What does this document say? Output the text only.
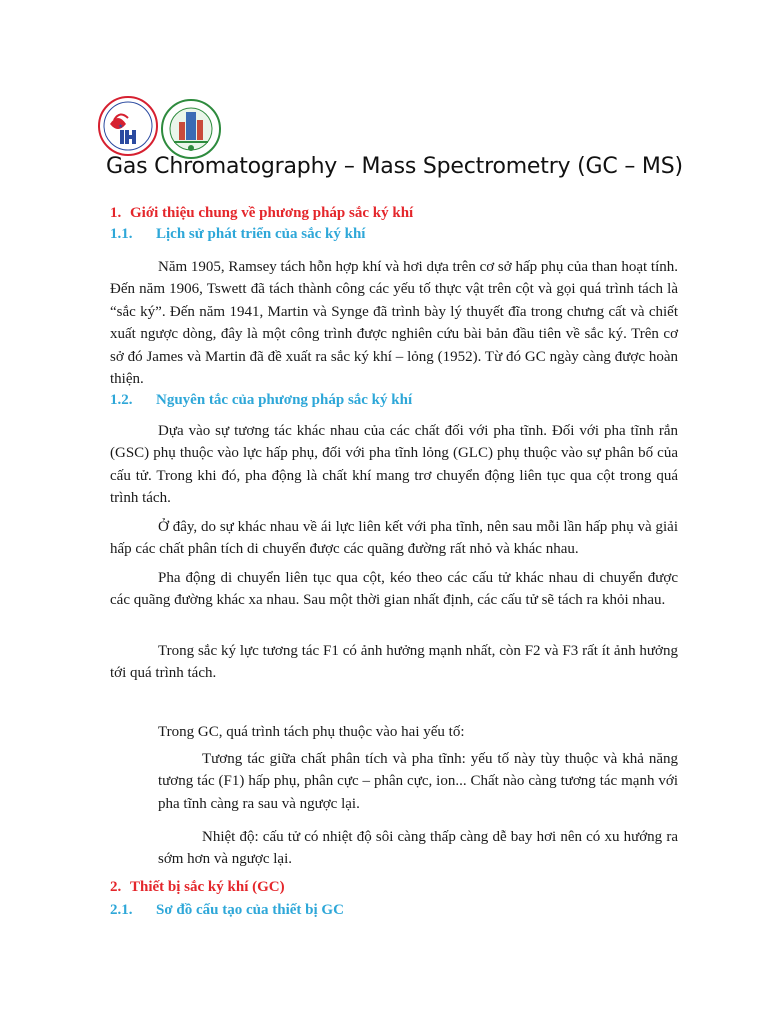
★
Gas Chromatography – Mass Spectrometry (GC – MS)
1. Giới thiệu chung về phương pháp sắc ký khí
1.1. Lịch sử phát triển của sắc ký khí

Năm 1905, Ramsey tách hỗn hợp khí và hơi dựa trên cơ sở hấp phụ của than hoạt tính. Đến năm 1906, Tswett đã tách thành công các yếu tố thực vật trên cột và gọi quá trình tách là “sắc ký”. Đến năm 1941, Martin và Synge đã trình bày lý thuyết đĩa trong chưng cất và chiết xuất ngược dòng, đây là một công trình được nghiên cứu bài bản đầu tiên về sắc ký. Trên cơ sở đó James và Martin đã đề xuất ra sắc ký khí – lỏng (1952). Từ đó GC ngày càng được hoàn thiện.

1.2. Nguyên tắc của phương pháp sắc ký khí

Dựa vào sự tương tác khác nhau của các chất đối với pha tĩnh. Đối với pha tĩnh rắn (GSC) phụ thuộc vào lực hấp phụ, đối với pha tĩnh lỏng (GLC) phụ thuộc vào sự phân bố của cấu tử. Trong khi đó, pha động là chất khí mang trơ chuyển động liên tục qua cột trong quá trình tách.

Ở đây, do sự khác nhau về ái lực liên kết với pha tĩnh, nên sau mỗi lần hấp phụ và giải hấp các chất phân tích di chuyển được các quãng đường rất nhỏ và khác nhau.

Pha động di chuyển liên tục qua cột, kéo theo các cấu tử khác nhau di chuyển được các quãng đường khác xa nhau. Sau một thời gian nhất định, các cấu tử sẽ tách ra khỏi nhau.

Trong sắc ký lực tương tác F1 có ảnh hưởng mạnh nhất, còn F2 và F3 rất ít ảnh hưởng tới quá trình tách.

Trong GC, quá trình tách phụ thuộc vào hai yếu tố:

Tương tác giữa chất phân tích và pha tĩnh: yếu tố này tùy thuộc và khả năng tương tác (F1) hấp phụ, phân cực – phân cực, ion... Chất nào càng tương tác mạnh với pha tĩnh càng ra sau và ngược lại.

Nhiệt độ: cấu tử có nhiệt độ sôi càng thấp càng dễ bay hơi nên có xu hướng ra sớm hơn và ngược lại.

2. Thiết bị sắc ký khí (GC)
2.1. Sơ đồ cấu tạo của thiết bị GC
